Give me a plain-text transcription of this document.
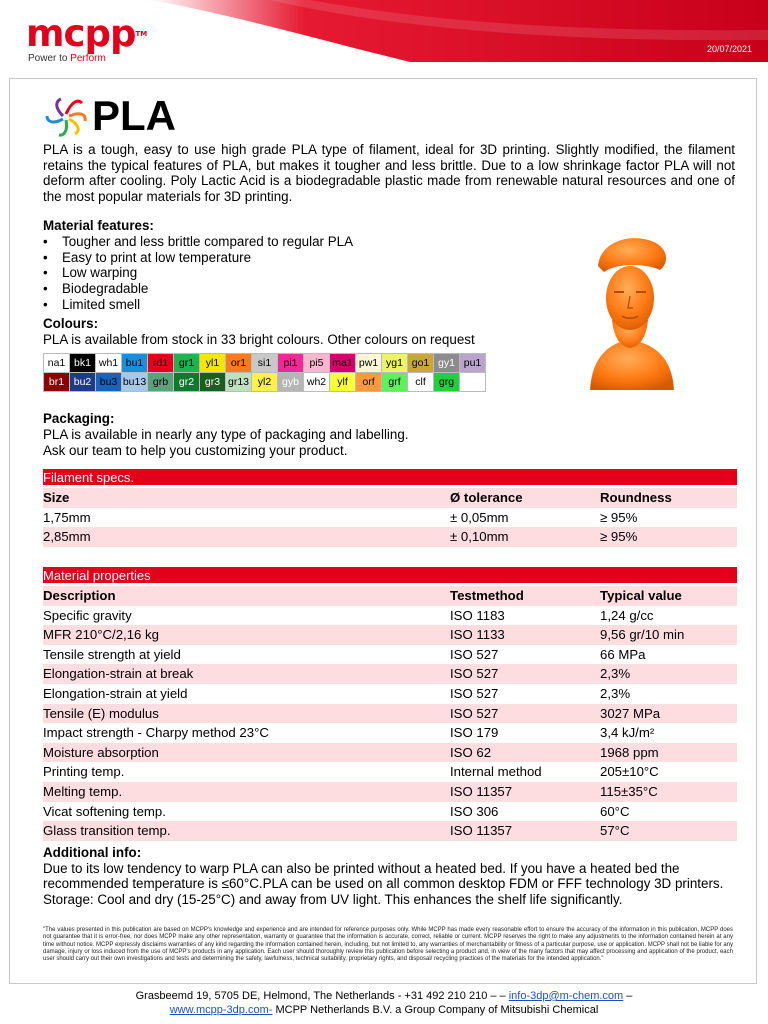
mcpp™
Power to Perform
20/07/2021
PLA
PLA is a tough, easy to use high grade PLA type of filament, ideal for 3D printing. Slightly modified, the filament retains the typical features of PLA, but makes it tougher and less brittle. Due to a low shrinkage factor PLA will not deform after cooling. Poly Lactic Acid is a biodegradable plastic made from renewable natural resources and one of the most popular materials for 3D printing.
Material features:
• Tougher and less brittle compared to regular PLA
• Easy to print at low temperature
• Low warping
• Biodegradable
• Limited smell
Colours:
PLA is available from stock in 33 bright colours. Other colours on request
na1	bk1	wh1	bu1	rd1	gr1	yl1	or1	si1	pi1	pi5	ma1	pw1	yg1	go1	gy1	pu1
br1	bu2	bu3	bu13	grb	gr2	gr3	gr13	yl2	gyb	wh2	ylf	orf	grf	clf	grg	
Packaging:
PLA is available in nearly any type of packaging and labelling.
Ask our team to help you customizing your product.
Filament specs.
Size	Ø tolerance	Roundness
1,75mm	± 0,05mm	≥ 95%
2,85mm	± 0,10mm	≥ 95%
Material properties
Description	Testmethod	Typical value
Specific gravity	ISO 1183	1,24 g/cc
MFR 210°C/2,16 kg	ISO 1133	9,56 gr/10 min
Tensile strength at yield	ISO 527	66 MPa
Elongation-strain at break	ISO 527	2,3%
Elongation-strain at yield	ISO 527	2,3%
Tensile (E) modulus	ISO 527	3027 MPa
Impact strength - Charpy method 23°C	ISO 179	3,4 kJ/m²
Moisture absorption	ISO 62	1968 ppm
Printing temp.	Internal method	205±10°C
Melting temp.	ISO 11357	115±35°C
Vicat softening temp.	ISO 306	60°C
Glass transition temp.	ISO 11357	57°C
Additional info:
Due to its low tendency to warp PLA can also be printed without a heated bed. If you have a heated bed the recommended temperature is ≤60°C.PLA can be used on all common desktop FDM or FFF technology 3D printers.
Storage: Cool and dry (15-25°C) and away from UV light. This enhances the shelf life significantly.
"The values presented in this publication are based on MCPP's knowledge and experience and are intended for reference purposes only. While MCPP has made every reasonable effort to ensure the accuracy of the information in this publication, MCPP does not guarantee that it is error-free, nor does MCPP make any other representation, warranty or guarantee that the information is accurate, correct, reliable or current. MCPP reserves the right to make any adjustments to the information contained herein at any time without notice. MCPP expressly disclaims warranties of any kind regarding the information contained herein, including, but not limited to, any warranties of merchantability or fitness of a particular purpose, use or application. MCPP shall not be liable for any damage, injury or loss induced from the use of MCPP's products in any application. Each user should thoroughly review this publication before selecting a product and, in view of the many factors that may affect processing and application of the product, each user should carry out their own investigations and tests and determining the safety, lawfulness, technical suitability, proprietary rights, and disposal/ recycling practices of the materials for the intended application."
Grasbeemd 19, 5705 DE, Helmond, The Netherlands - +31 492 210 210 – – info-3dp@m-chem.com –
www.mcpp-3dp.com- MCPP Netherlands B.V. a Group Company of Mitsubishi Chemical
